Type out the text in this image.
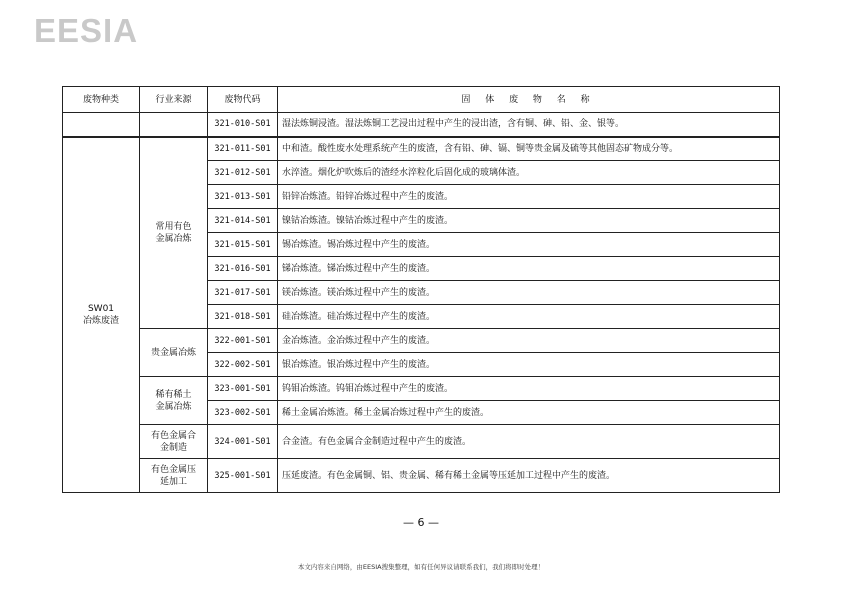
EESIA
废物种类	行业来源	废物代码	固 体 废 物 名 称
		321-010-S01	湿法炼铜浸渣。湿法炼铜工艺浸出过程中产生的浸出渣，含有铜、砷、铅、金、银等。
SW01
冶炼废渣	常用有色金属冶炼	321-011-S01	中和渣。酸性废水处理系统产生的废渣，含有铅、砷、镉、铜等贵金属及硫等其他固态矿物成分等。
		321-012-S01	水淬渣。烟化炉吹炼后的渣经水淬粒化后固化成的玻璃体渣。
		321-013-S01	铅锌冶炼渣。铅锌冶炼过程中产生的废渣。
		321-014-S01	镍钴冶炼渣。镍钴冶炼过程中产生的废渣。
		321-015-S01	锡冶炼渣。锡冶炼过程中产生的废渣。
		321-016-S01	锑冶炼渣。锑冶炼过程中产生的废渣。
		321-017-S01	镁冶炼渣。镁冶炼过程中产生的废渣。
		321-018-S01	硅冶炼渣。硅冶炼过程中产生的废渣。
	贵金属冶炼	322-001-S01	金冶炼渣。金冶炼过程中产生的废渣。
		322-002-S01	银冶炼渣。银冶炼过程中产生的废渣。
	稀有稀土金属冶炼	323-001-S01	钨钼冶炼渣。钨钼冶炼过程中产生的废渣。
		323-002-S01	稀土金属冶炼渣。稀土金属冶炼过程中产生的废渣。
	有色金属合金制造	324-001-S01	合金渣。有色金属合金制造过程中产生的废渣。
	有色金属压延加工	325-001-S01	压延废渣。有色金属铜、铝、贵金属、稀有稀土金属等压延加工过程中产生的废渣。
— 6 —
本文内容来自网络，由EESIA搜集整理，如有任何异议请联系我们，我们将即时处理！
